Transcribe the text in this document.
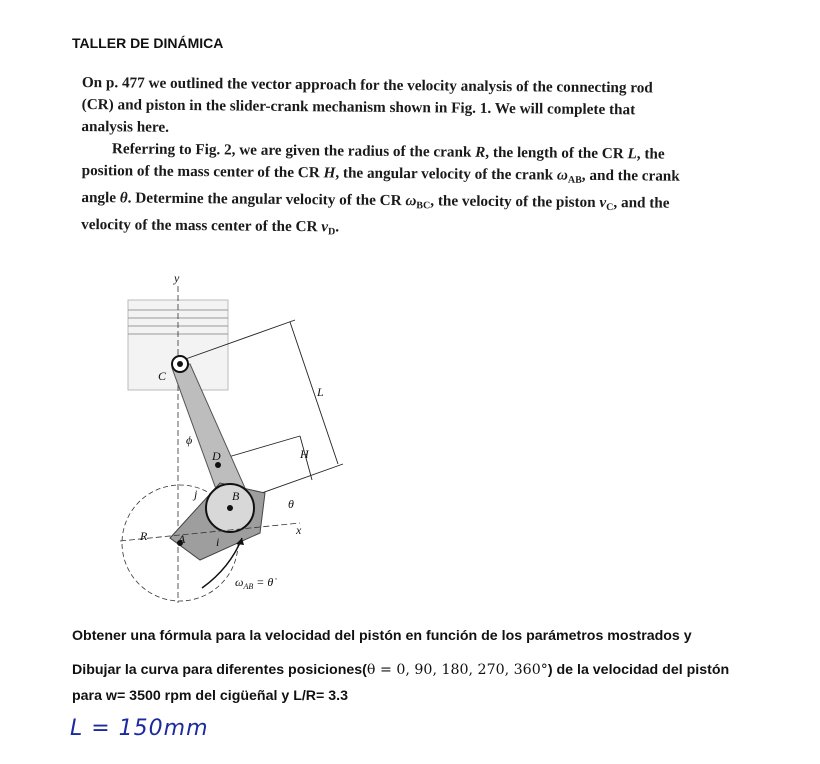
TALLER DE DINÁMICA
On p. 477 we outlined the vector approach for the velocity analysis of the connecting rod (CR) and piston in the slider-crank mechanism shown in Fig. 1. We will complete that analysis here.
Referring to Fig. 2, we are given the radius of the crank R, the length of the CR L, the position of the mass center of the CR H, the angular velocity of the crank $\omega_{AB}$, and the crank angle θ. Determine the angular velocity of the CR $\omega_{BC}$, the velocity of the piston $v_C$, and the velocity of the mass center of the CR $v_D$.
y
L
H
B
C
D
ϕ
j
i
x
θ
A
R
$\omega_{AB}$ = θ̇
Obtener una fórmula para la velocidad del pistón en función de los parámetros mostrados y
Dibujar la curva para diferentes posiciones(θ = 0, 90, 180, 270, 360°) de la velocidad del pistón
para w= 3500 rpm del cigüeñal y L/R= 3.3
L = 150mm
